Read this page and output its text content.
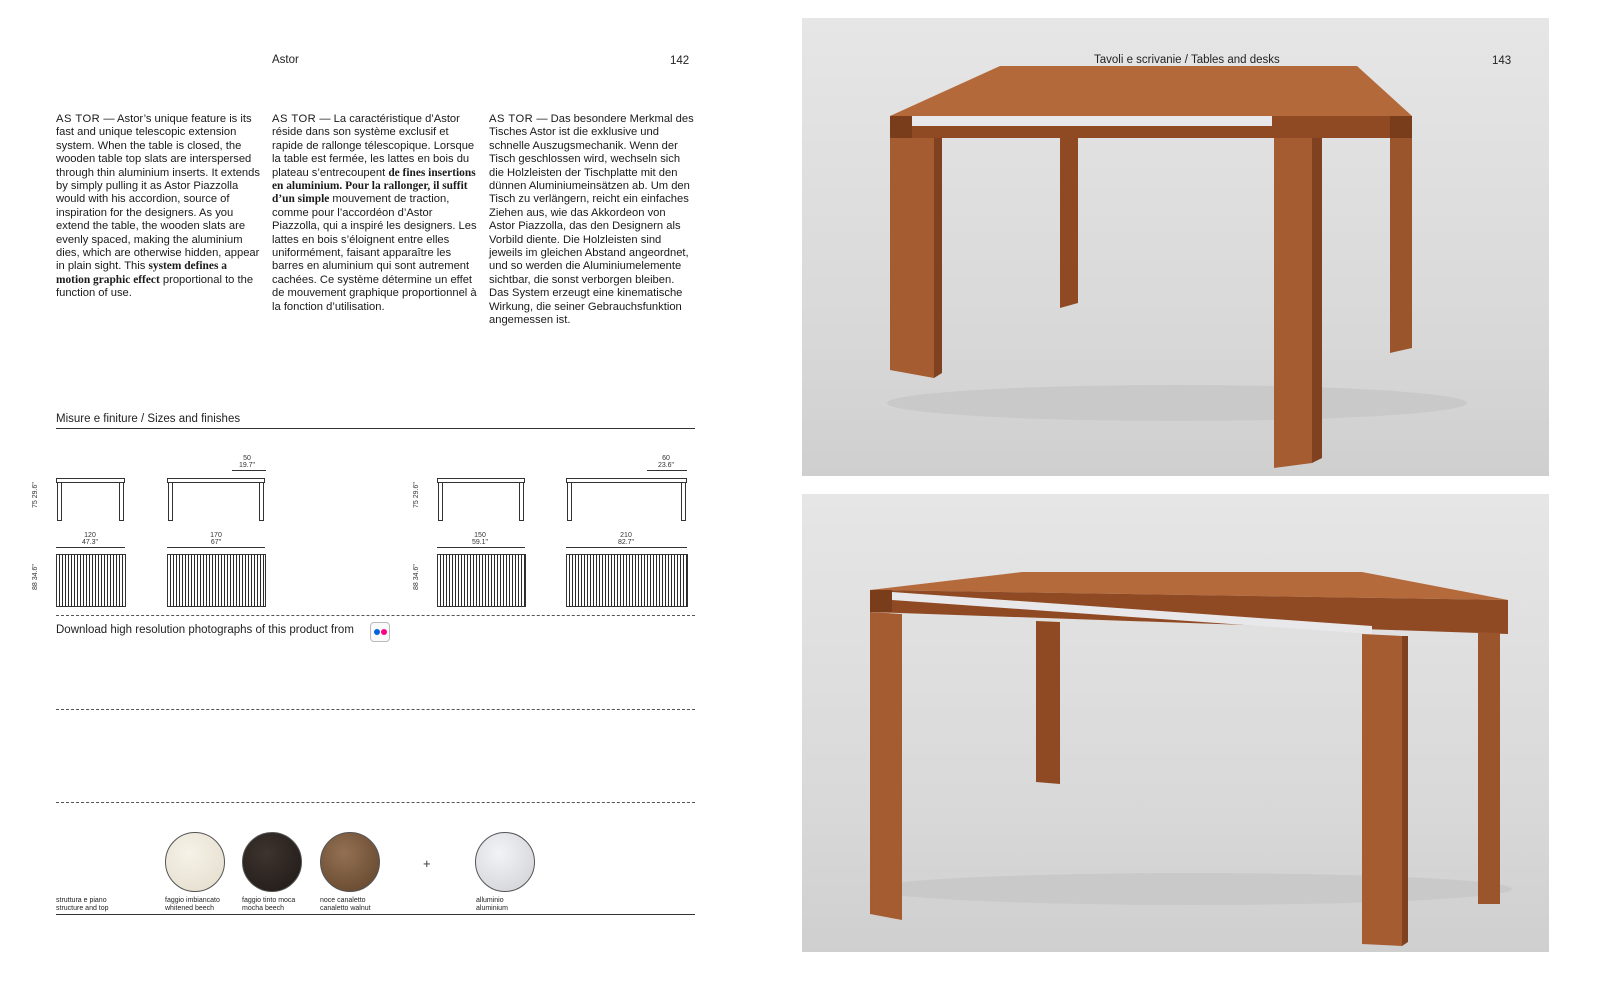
Astor	142
AS TOR — Astor’s unique feature is its fast and unique telescopic extension system. When the table is closed, the wooden table top slats are interspersed through thin aluminium inserts. It extends by simply pulling it as Astor Piazzolla would with his accordion, source of inspiration for the designers. As you extend the table, the wooden slats are evenly spaced, making the aluminium dies, which are otherwise hidden, appear in plain sight. This system defines a motion graphic effect proportional to the function of use.
AS TOR — La caractéristique d’Astor réside dans son système exclusif et rapide de rallonge télescopique. Lorsque la table est fermée, les lattes en bois du plateau s’entrecoupent de fines insertions en aluminium. Pour la rallonger, il suffit d’un simple mouvement de traction, comme pour l’accordéon d’Astor Piazzolla, qui a inspiré les designers. Les lattes en bois s’éloignent entre elles uniformément, faisant apparaître les barres en aluminium qui sont autrement cachées. Ce système détermine un effet de mouvement graphique proportionnel à la fonction d’utilisation.
AS TOR — Das besondere Merkmal des Tisches Astor ist die exklusive und schnelle Auszugsmechanik. Wenn der Tisch geschlossen wird, wechseln sich die Holzleisten der Tischplatte mit den dünnen Aluminiumeinsätzen ab. Um den Tisch zu verlängern, reicht ein einfaches Ziehen aus, wie das Akkordeon von Astor Piazzolla, das den Designern als Vorbild diente. Die Holzleisten sind jeweils im gleichen Abstand angeordnet, und so werden die Aluminiumelemente sichtbar, die sonst verborgen bleiben. Das System erzeugt eine kinematische Wirkung, die seiner Gebrauchsfunktion angemessen ist.
Misure e finiture / Sizes and finishes
75 29.6"
50
19.7"
120
47.3"
170
67"
88 34.6"
75 29.6"
60
23.6"
150
59.1"
210
82.7"
88 34.6"
Download high resolution photographs of this product from
+
struttura e piano
structure and top
faggio imbiancato
whitened beech
faggio tinto moca
mocha beech
noce canaletto
canaletto walnut
alluminio
aluminium
Tavoli e scrivanie / Tables and desks	143
